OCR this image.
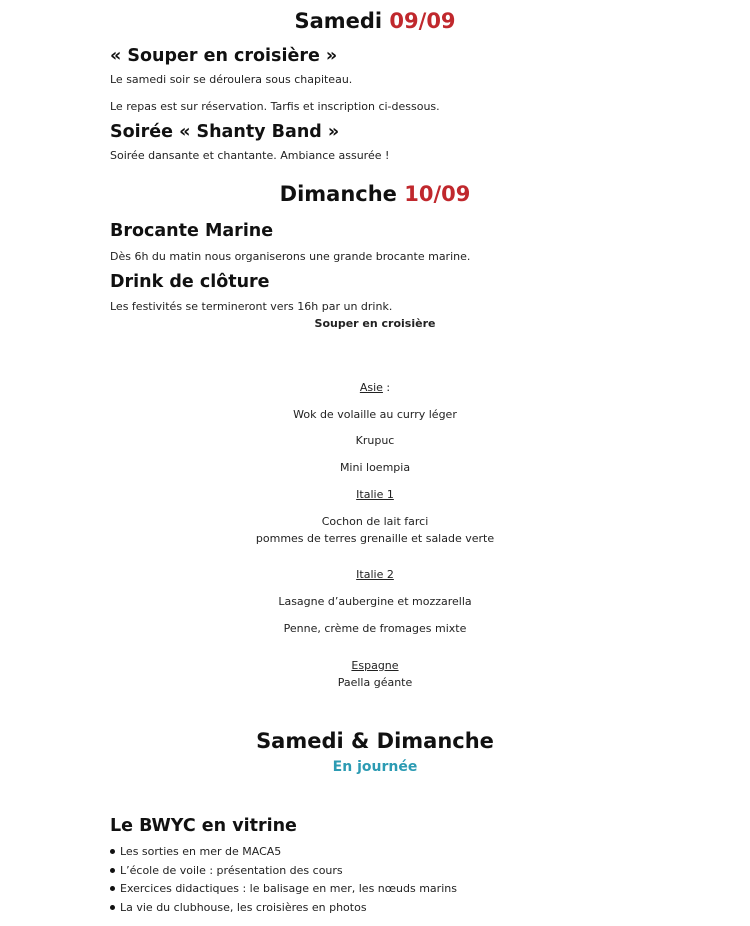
Samedi 09/09
« Souper en croisière »
Le samedi soir se déroulera sous chapiteau.
Le repas est sur réservation. Tarfis et inscription ci-dessous.
Soirée « Shanty Band »
Soirée dansante et chantante. Ambiance assurée !
Dimanche 10/09
Brocante Marine
Dès 6h du matin nous organiserons une grande brocante marine.
Drink de clôture
Les festivités se termineront vers 16h par un drink.
Souper en croisière
Asie :
Wok de volaille au curry léger
Krupuc
Mini loempia
Italie 1
Cochon de lait farci
pommes de terres grenaille et salade verte
Italie 2
Lasagne d’aubergine et mozzarella
Penne, crème de fromages mixte
Espagne
Paella géante
Samedi & Dimanche
En journée
Le BWYC en vitrine
Les sorties en mer de MACA5
L’école de voile : présentation des cours
Exercices didactiques : le balisage en mer, les nœuds marins
La vie du clubhouse, les croisières en photos
